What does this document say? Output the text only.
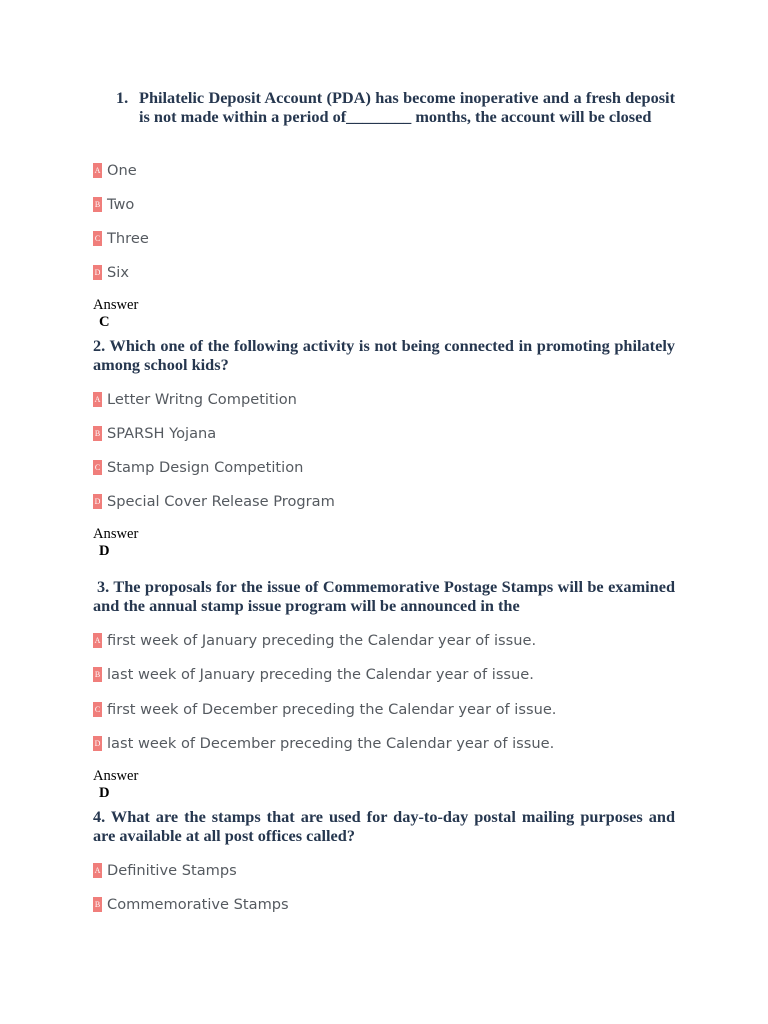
1. Philatelic Deposit Account (PDA) has become inoperative and a fresh deposit is not made within a period of________ months, the account will be closed
A One
B Two
C Three
D Six
Answer
C
2. Which one of the following activity is not being connected in promoting philately among school kids?
A Letter Writng Competition
B SPARSH Yojana
C Stamp Design Competition
D Special Cover Release Program
Answer
D
3. The proposals for the issue of Commemorative Postage Stamps will be examined and the annual stamp issue program will be announced in the
A first week of January preceding the Calendar year of issue.
B last week of January preceding the Calendar year of issue.
C first week of December preceding the Calendar year of issue.
D last week of December preceding the Calendar year of issue.
Answer
D
4. What are the stamps that are used for day-to-day postal mailing purposes and are available at all post offices called?
A Definitive Stamps
B Commemorative Stamps
